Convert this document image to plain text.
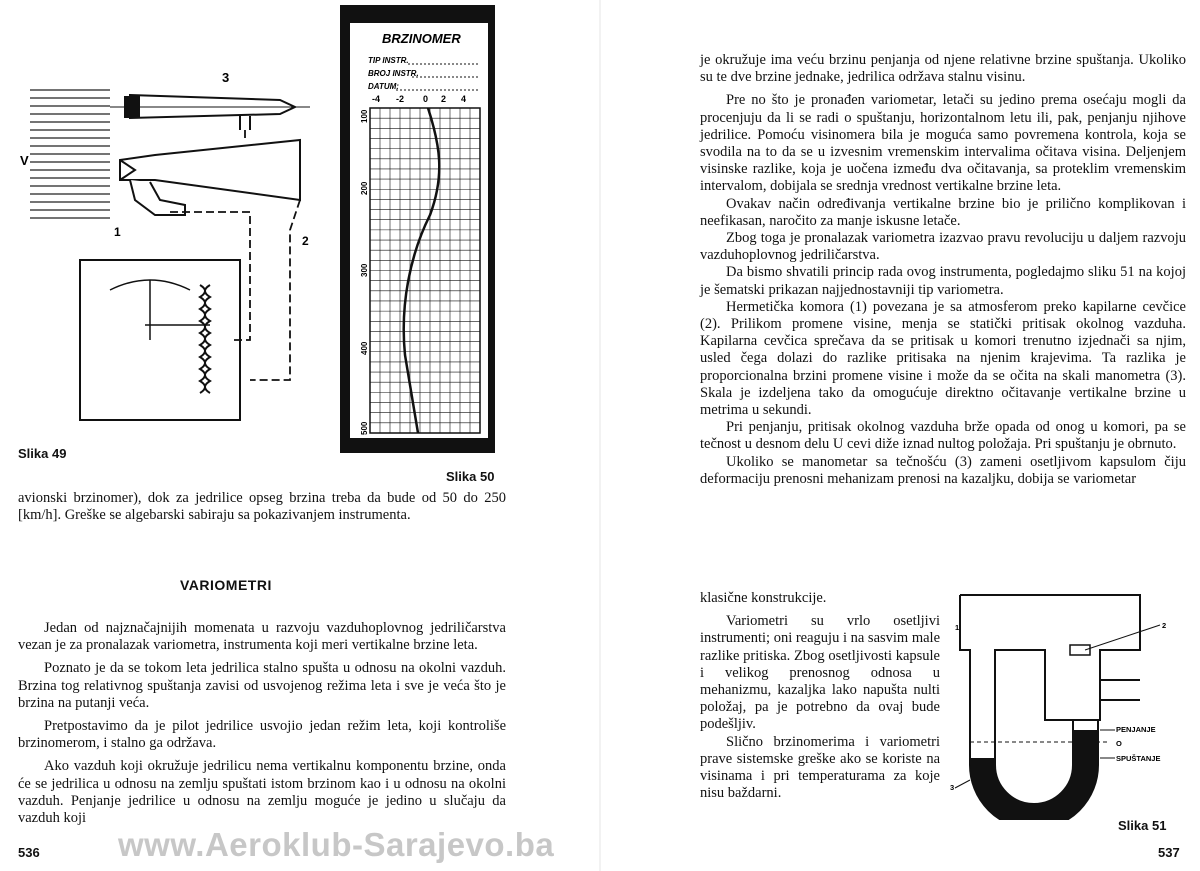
V
1
2
3
Slika 49
BRZINOMER
TIP INSTR.
BROJ INSTR.
DATUM:
-4 -2 0 2 4
100
200
300
400
500
Slika 50

avionski brzinomer), dok za jedrilice opseg brzina treba da bude od 50 do 250 [km/h]. Greške se algebarski sabiraju sa pokazivanjem instrumenta.

VARIOMETRI

Jedan od najznačajnijih momenata u razvoju vazduhoplovnog jedriličarstva vezan je za pronalazak variometra, instrumenta koji meri vertikalne brzine leta.

Poznato je da se tokom leta jedrilica stalno spušta u odnosu na okolni vazduh. Brzina tog relativnog spuštanja zavisi od usvojenog režima leta i sve je veća što je brzina na putanji veća.

Pretpostavimo da je pilot jedrilice usvojio jedan režim leta, koji kontroliše brzinomerom, i stalno ga održava.

Ako vazduh koji okružuje jedrilicu nema vertikalnu komponentu brzine, onda će se jedrilica u odnosu na zemlju spuštati istom brzinom kao i u odnosu na okolni vazduh. Penjanje jedrilice u odnosu na zemlju moguće je jedino u slučaju da vazduh koji

536 www.Aeroklub-Sarajevo.ba

je okružuje ima veću brzinu penjanja od njene relativne brzine spuštanja. Ukoliko su te dve brzine jednake, jedrilica održava stalnu visinu.

Pre no što je pronađen variometar, letači su jedino prema osećaju mogli da procenjuju da li se radi o spuštanju, horizontalnom letu ili, pak, penjanju njihove jedrilice. Pomoću visinomera bila je moguća samo povremena kontrola, koja se svodila na to da se u izvesnim vremenskim intervalima očitava visina. Deljenjem visinske razlike, koja je uočena između dva očitavanja, sa proteklim vremenskim intervalom, dobijala se srednja vrednost vertikalne brzine leta.

Ovakav način određivanja vertikalne brzine bio je prilično komplikovan i neefikasan, naročito za manje iskusne letače.

Zbog toga je pronalazak variometra izazvao pravu revoluciju u daljem razvoju vazduhoplovnog jedriličarstva.

Da bismo shvatili princip rada ovog instrumenta, pogledajmo sliku 51 na kojoj je šematski prikazan najjednostavniji tip variometra.

Hermetička komora (1) povezana je sa atmosferom preko kapilarne cevčice (2). Prilikom promene visine, menja se statički pritisak okolnog vazduha. Kapilarna cevčica sprečava da se pritisak u komori trenutno izjednači sa njim, usled čega dolazi do razlike pritisaka na njenim krajevima. Ta razlika je proporcionalna brzini promene visine i može da se očita na skali manometra (3). Skala je izdeljena tako da omogućuje direktno očitavanje vertikalne brzine u metrima u sekundi.

Pri penjanju, pritisak okolnog vazduha brže opada od onog u komori, pa se tečnost u desnom delu U cevi diže iznad nultog položaja. Pri spuštanju je obrnuto.

Ukoliko se manometar sa tečnošću (3) zameni osetljivom kapsulom čiju deformaciju prenosni mehanizam prenosi na kazaljku, dobija se variometar

klasične konstrukcije.

Variometri su vrlo osetljivi instrumenti; oni reaguju i na sasvim male razlike pritiska. Zbog osetljivosti kapsule i velikog prenosnog odnosa u mehanizmu, kazaljka lako napušta nulti položaj, pa je potrebno da ovaj bude podešljiv.

Slično brzinomerima i variometri prave sistemske greške ako se koriste na visinama i pri temperaturama za koje nisu baždarni.

537
1	2
3
PENJANJE
O
SPUŠTANJE
Slika 51
